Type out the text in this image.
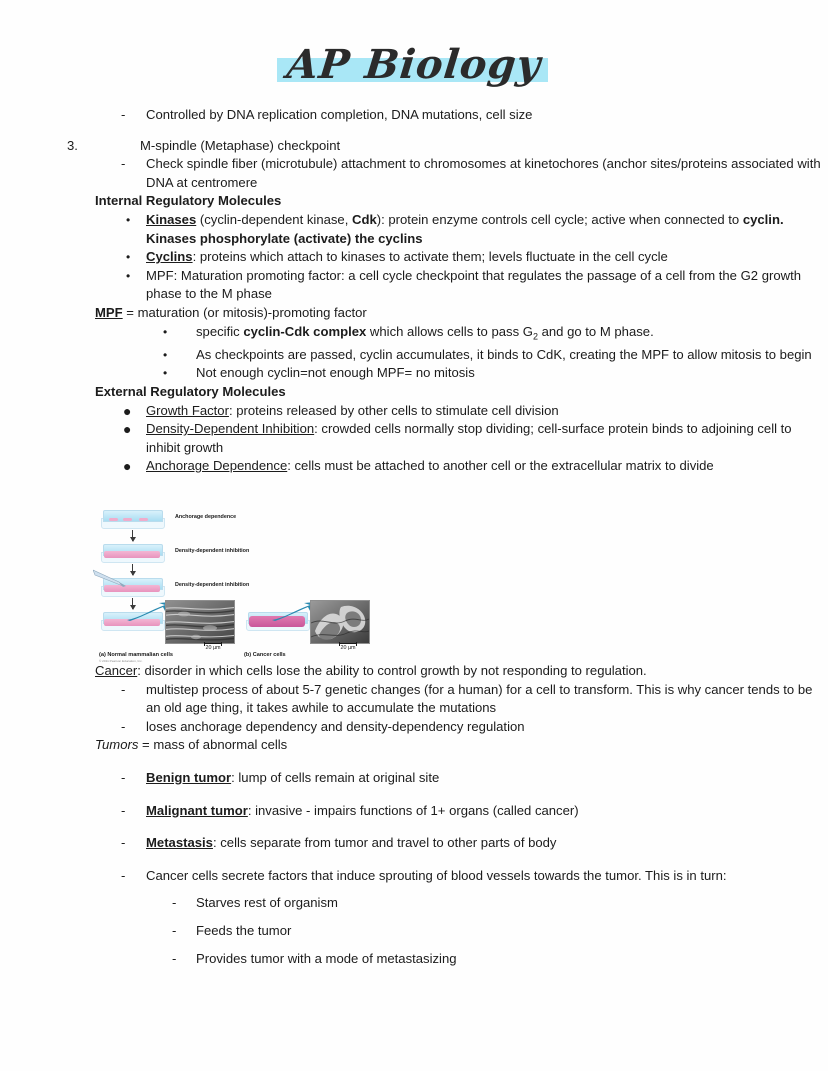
AP Biology
- Controlled by DNA replication completion, DNA mutations, cell size
3.	M-spindle (Metaphase) checkpoint
- Check spindle fiber (microtubule) attachment to chromosomes at kinetochores (anchor sites/proteins associated with DNA at centromere
Internal Regulatory Molecules
• Kinases (cyclin-dependent kinase, Cdk): protein enzyme controls cell cycle; active when connected to cyclin. Kinases phosphorylate (activate) the cyclins
• Cyclins: proteins which attach to kinases to activate them; levels fluctuate in the cell cycle
• MPF: Maturation promoting factor: a cell cycle checkpoint that regulates the passage of a cell from the G2 growth phase to the M phase
MPF = maturation (or mitosis)-promoting factor
• specific cyclin-Cdk complex which allows cells to pass $G_2$ and go to M phase.
• As checkpoints are passed, cyclin accumulates, it binds to CdK, creating the MPF to allow mitosis to begin
• Not enough cyclin=not enough MPF= no mitosis
External Regulatory Molecules
● Growth Factor: proteins released by other cells to stimulate cell division
● Density-Dependent Inhibition: crowded cells normally stop dividing; cell-surface protein binds to adjoining cell to inhibit growth
● Anchorage Dependence: cells must be attached to another cell or the extracellular matrix to divide
20 µm	20 µm
Anchorage dependence
Density-dependent inhibition
Density-dependent inhibition
(a) Normal mammalian cells	(b) Cancer cells
© 2011 Pearson Education, Inc.
Cancer: disorder in which cells lose the ability to control growth by not responding to regulation.
- multistep process of about 5-7 genetic changes (for a human) for a cell to transform. This is why cancer tends to be an old age thing, it takes awhile to accumulate the mutations
- loses anchorage dependency and density-dependency regulation
Tumors = mass of abnormal cells
- Benign tumor: lump of cells remain at original site
- Malignant tumor: invasive - impairs functions of 1+ organs (called cancer)
- Metastasis: cells separate from tumor and travel to other parts of body
- Cancer cells secrete factors that induce sprouting of blood vessels towards the tumor. This is in turn:
- Starves rest of organism
- Feeds the tumor
- Provides tumor with a mode of metastasizing
